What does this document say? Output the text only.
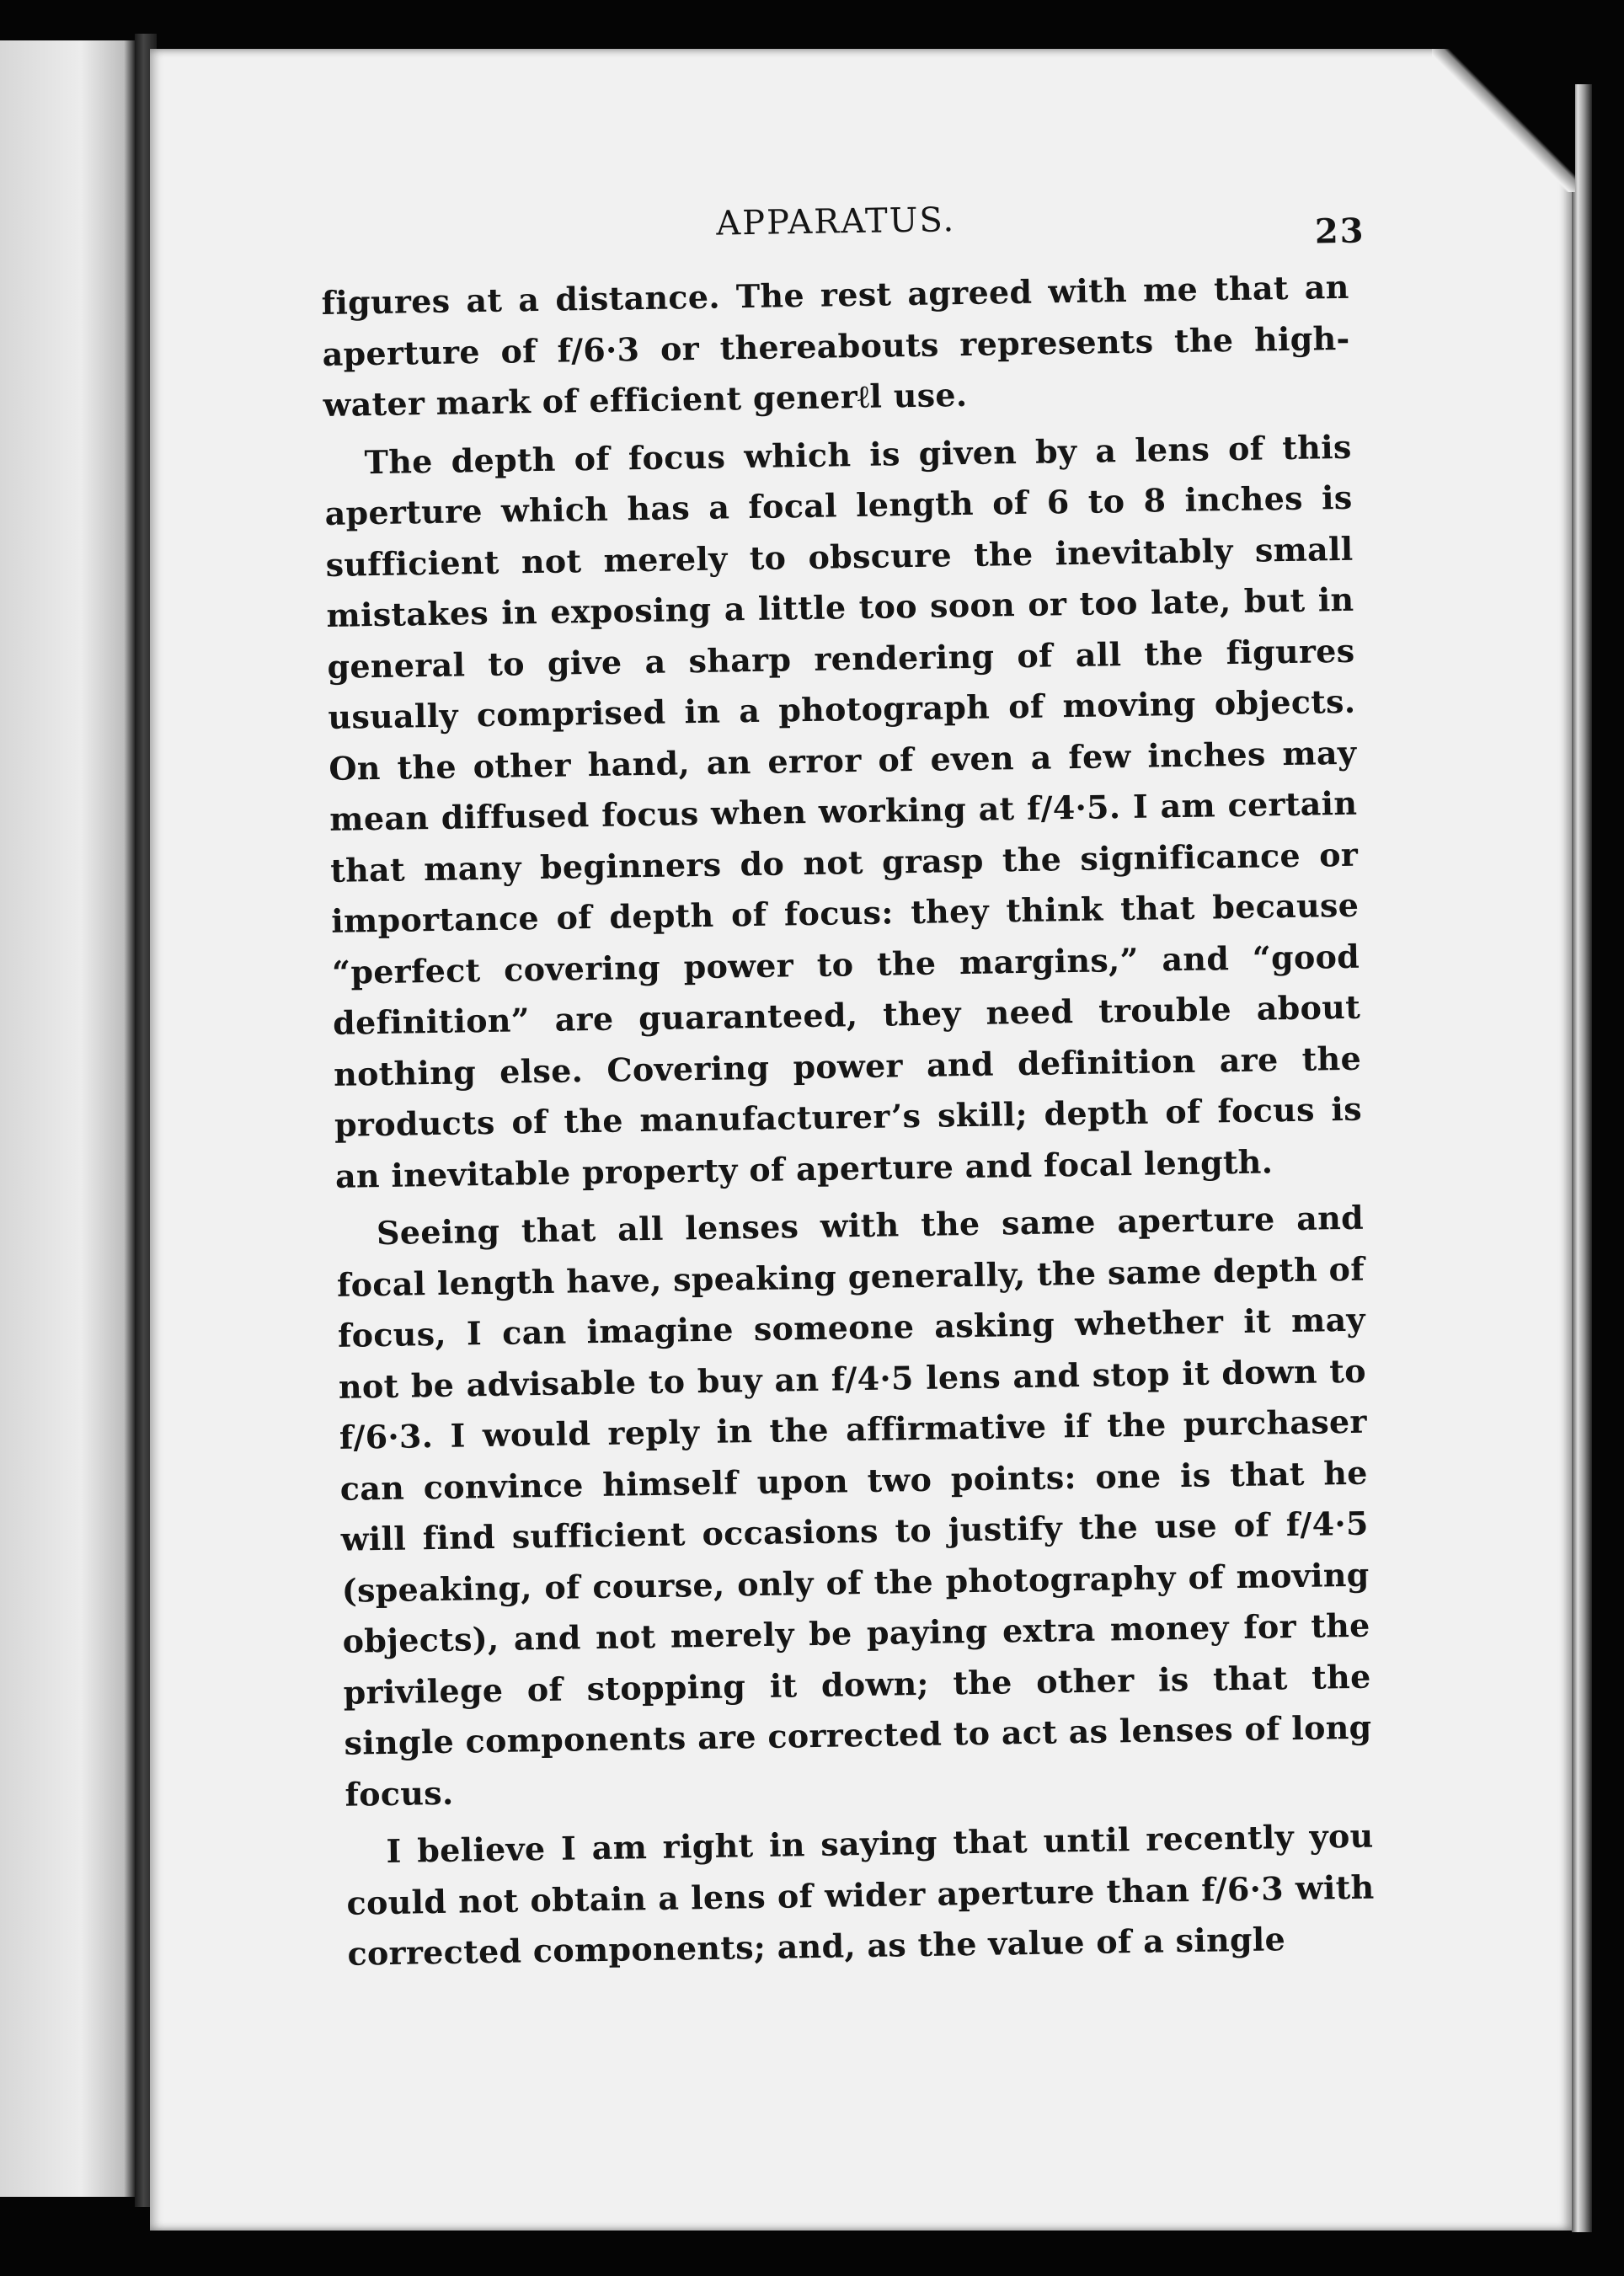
APPARATUS.	23

figures at a distance. The rest agreed with me that an aperture of f/6·3 or thereabouts represents the high-water mark of efficient generℓl use.

The depth of focus which is given by a lens of this aperture which has a focal length of 6 to 8 inches is sufficient not merely to obscure the inevitably small mistakes in exposing a little too soon or too late, but in general to give a sharp rendering of all the figures usually comprised in a photograph of moving objects. On the other hand, an error of even a few inches may mean diffused focus when working at f/4·5. I am certain that many beginners do not grasp the significance or importance of depth of focus: they think that because “perfect covering power to the margins,” and “good definition” are guaranteed, they need trouble about nothing else. Covering power and definition are the products of the manufacturer’s skill; depth of focus is an inevitable property of aperture and focal length.

Seeing that all lenses with the same aperture and focal length have, speaking generally, the same depth of focus, I can imagine someone asking whether it may not be advisable to buy an f/4·5 lens and stop it down to f/6·3. I would reply in the affirmative if the purchaser can convince himself upon two points: one is that he will find sufficient occasions to justify the use of f/4·5 (speaking, of course, only of the photography of moving objects), and not merely be paying extra money for the privilege of stopping it down; the other is that the single components are corrected to act as lenses of long focus.

I believe I am right in saying that until recently you could not obtain a lens of wider aperture than f/6·3 with corrected components; and, as the value of a single
